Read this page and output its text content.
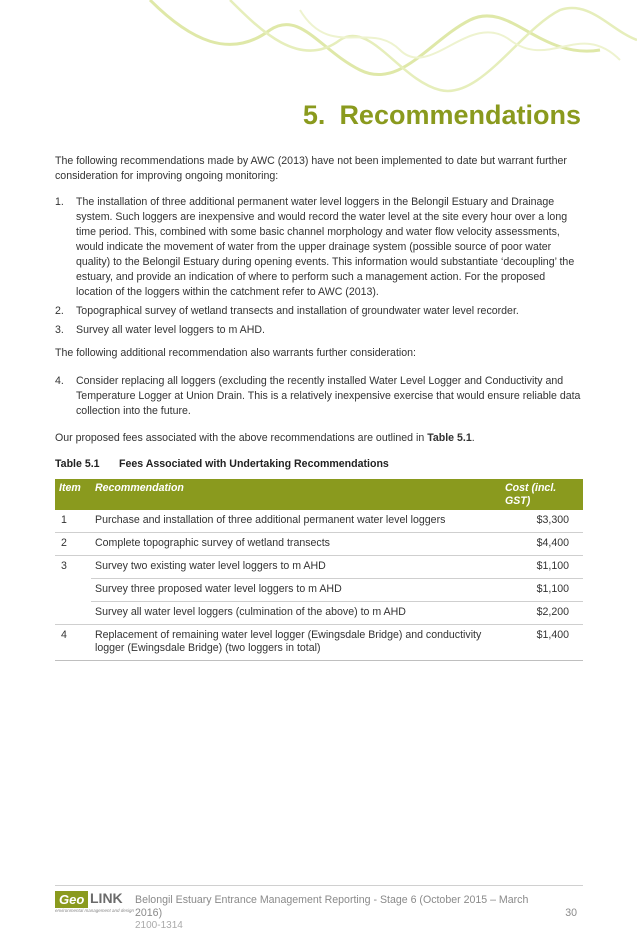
5. Recommendations

The following recommendations made by AWC (2013) have not been implemented to date but warrant further consideration for improving ongoing monitoring:

1. The installation of three additional permanent water level loggers in the Belongil Estuary and Drainage system. Such loggers are inexpensive and would record the water level at the site every hour over a long time period. This, combined with some basic channel morphology and water flow velocity assessments, would indicate the movement of water from the upper drainage system (possible source of poor water quality) to the Belongil Estuary during opening events. This information would substantiate ‘decoupling’ the estuary, and provide an indication of where to perform such a management action. For the proposed location of the loggers within the catchment refer to AWC (2013).
2. Topographical survey of wetland transects and installation of groundwater water level recorder.
3. Survey all water level loggers to m AHD.

The following additional recommendation also warrants further consideration:

4. Consider replacing all loggers (excluding the recently installed Water Level Logger and Conductivity and Temperature Logger at Union Drain. This is a relatively inexpensive exercise that would ensure reliable data collection into the future.

Our proposed fees associated with the above recommendations are outlined in Table 5.1.

Table 5.1 Fees Associated with Undertaking Recommendations
Item	Recommendation	Cost (incl. GST)
1	Purchase and installation of three additional permanent water level loggers	$3,300
2	Complete topographic survey of wetland transects	$4,400
3	Survey two existing water level loggers to m AHD	$1,100
	Survey three proposed water level loggers to m AHD	$1,100
	Survey all water level loggers (culmination of the above) to m AHD	$2,200
4	Replacement of remaining water level logger (Ewingsdale Bridge) and conductivity logger (Ewingsdale Bridge) (two loggers in total)	$1,400
Geo LINK
environmental management and design
Belongil Estuary Entrance Management Reporting - Stage 6 (October 2015 – March 2016)
2100-1314
30
